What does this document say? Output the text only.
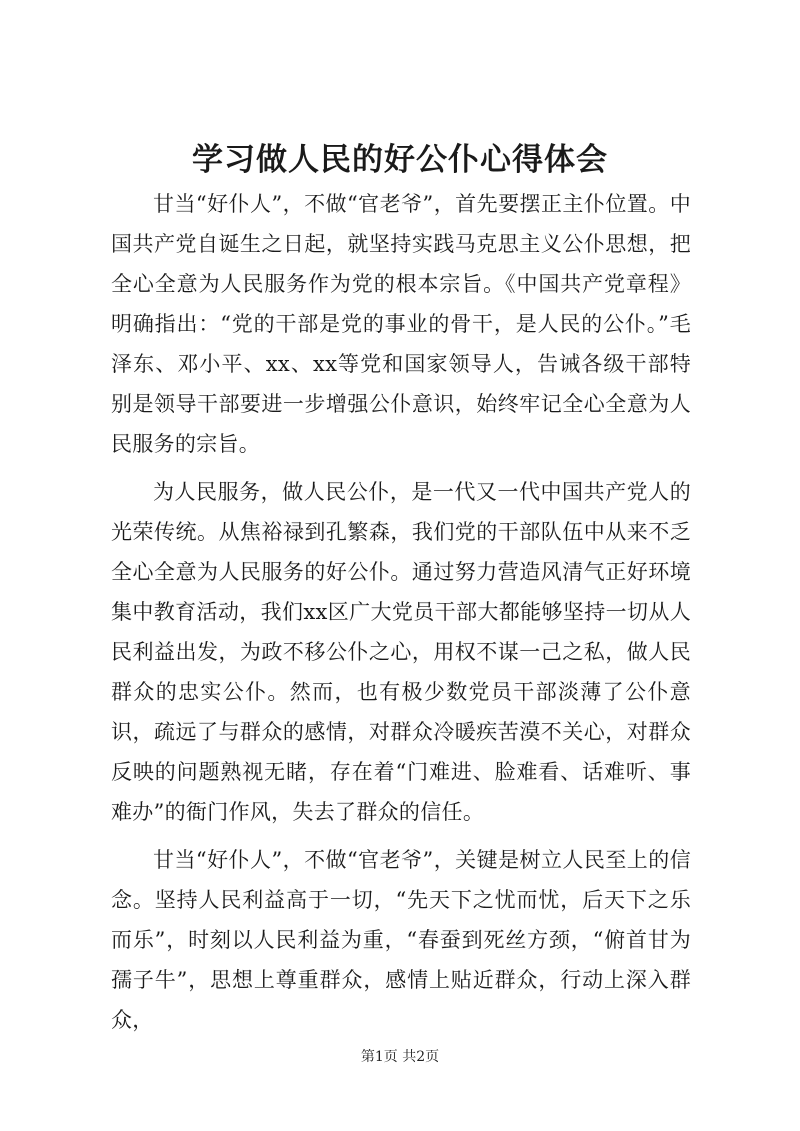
学习做人民的好公仆心得体会

甘当“好仆人”，不做“官老爷”，首先要摆正主仆位置。中国共产党自诞生之日起，就坚持实践马克思主义公仆思想，把全心全意为人民服务作为党的根本宗旨。《中国共产党章程》明确指出：“党的干部是党的事业的骨干，是人民的公仆。”毛泽东、邓小平、xx、xx等党和国家领导人，告诫各级干部特别是领导干部要进一步增强公仆意识，始终牢记全心全意为人民服务的宗旨。

为人民服务，做人民公仆，是一代又一代中国共产党人的光荣传统。从焦裕禄到孔繁森，我们党的干部队伍中从来不乏全心全意为人民服务的好公仆。通过努力营造风清气正好环境集中教育活动，我们xx区广大党员干部大都能够坚持一切从人民利益出发，为政不移公仆之心，用权不谋一己之私，做人民群众的忠实公仆。然而，也有极少数党员干部淡薄了公仆意识，疏远了与群众的感情，对群众冷暖疾苦漠不关心，对群众反映的问题熟视无睹，存在着“门难进、脸难看、话难听、事难办”的衙门作风，失去了群众的信任。

甘当“好仆人”，不做“官老爷”，关键是树立人民至上的信念。坚持人民利益高于一切，“先天下之忧而忧，后天下之乐而乐”，时刻以人民利益为重，“春蚕到死丝方颈，“俯首甘为孺子牛”，思想上尊重群众，感情上贴近群众，行动上深入群众，

第1页 共2页
